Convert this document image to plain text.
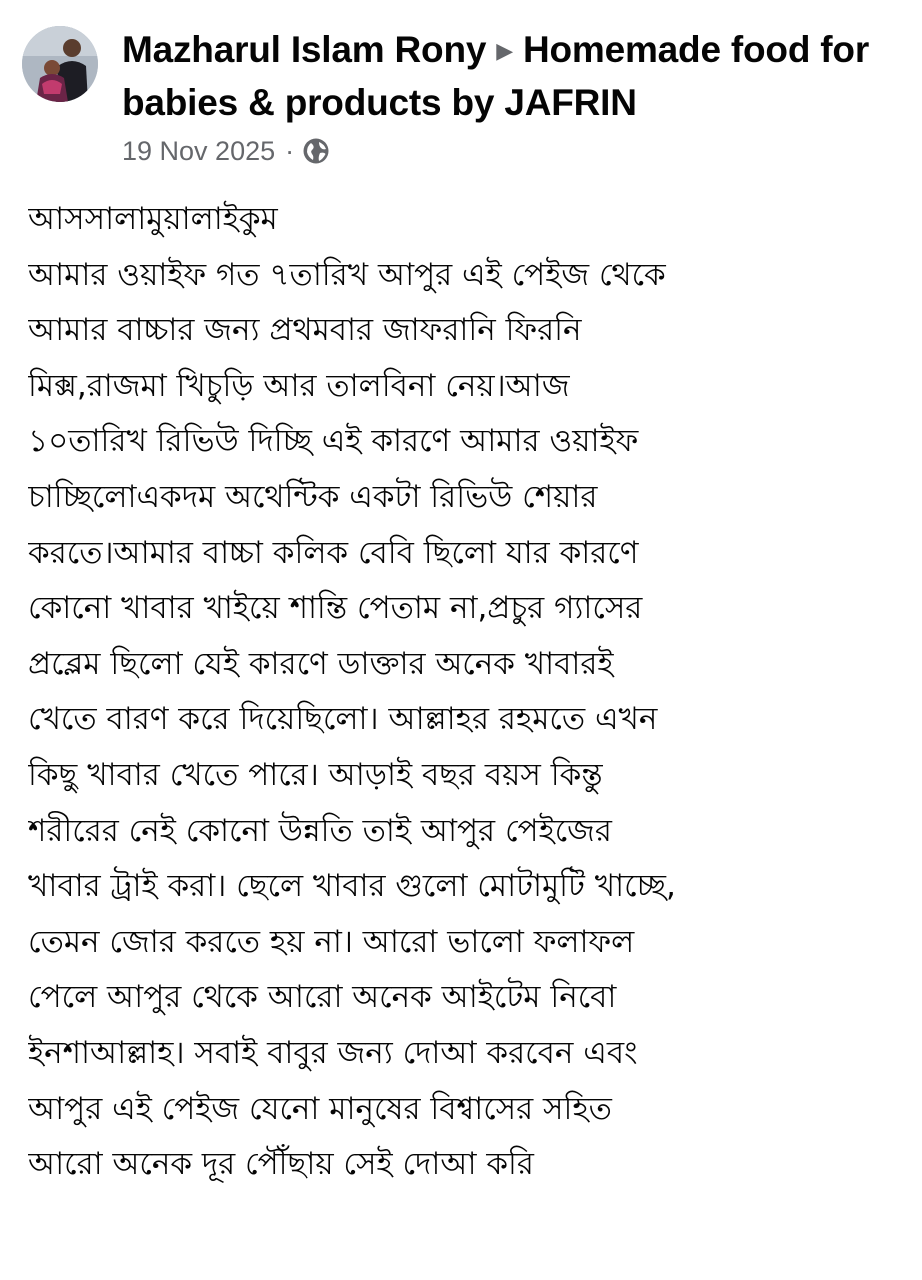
Mazharul Islam Rony ▶ Homemade food for babies & products by JAFRIN
19 Nov 2025 ·
আসসালামুয়ালাইকুম
আমার ওয়াইফ গত ৭তারিখ আপুর এই পেইজ থেকে
আমার বাচ্চার জন্য প্রথমবার জাফরানি ফিরনি
মিক্স,রাজমা খিচুড়ি আর তালবিনা নেয়।আজ
১০তারিখ রিভিউ দিচ্ছি এই কারণে আমার ওয়াইফ
চাচ্ছিলোএকদম অথেন্টিক একটা রিভিউ শেয়ার
করতে।আমার বাচ্চা কলিক বেবি ছিলো যার কারণে
কোনো খাবার খাইয়ে শান্তি পেতাম না,প্রচুর গ্যাসের
প্রব্লেম ছিলো যেই কারণে ডাক্তার অনেক খাবারই
খেতে বারণ করে দিয়েছিলো। আল্লাহর রহমতে এখন
কিছু খাবার খেতে পারে। আড়াই বছর বয়স কিন্তু
শরীরের নেই কোনো উন্নতি তাই আপুর পেইজের
খাবার ট্রাই করা। ছেলে খাবার গুলো মোটামুটি খাচ্ছে,
তেমন জোর করতে হয় না। আরো ভালো ফলাফল
পেলে আপুর থেকে আরো অনেক আইটেম নিবো
ইনশাআল্লাহ। সবাই বাবুর জন্য দোআ করবেন এবং
আপুর এই পেইজ যেনো মানুষের বিশ্বাসের সহিত
আরো অনেক দূর পৌঁছায় সেই দোআ করি
